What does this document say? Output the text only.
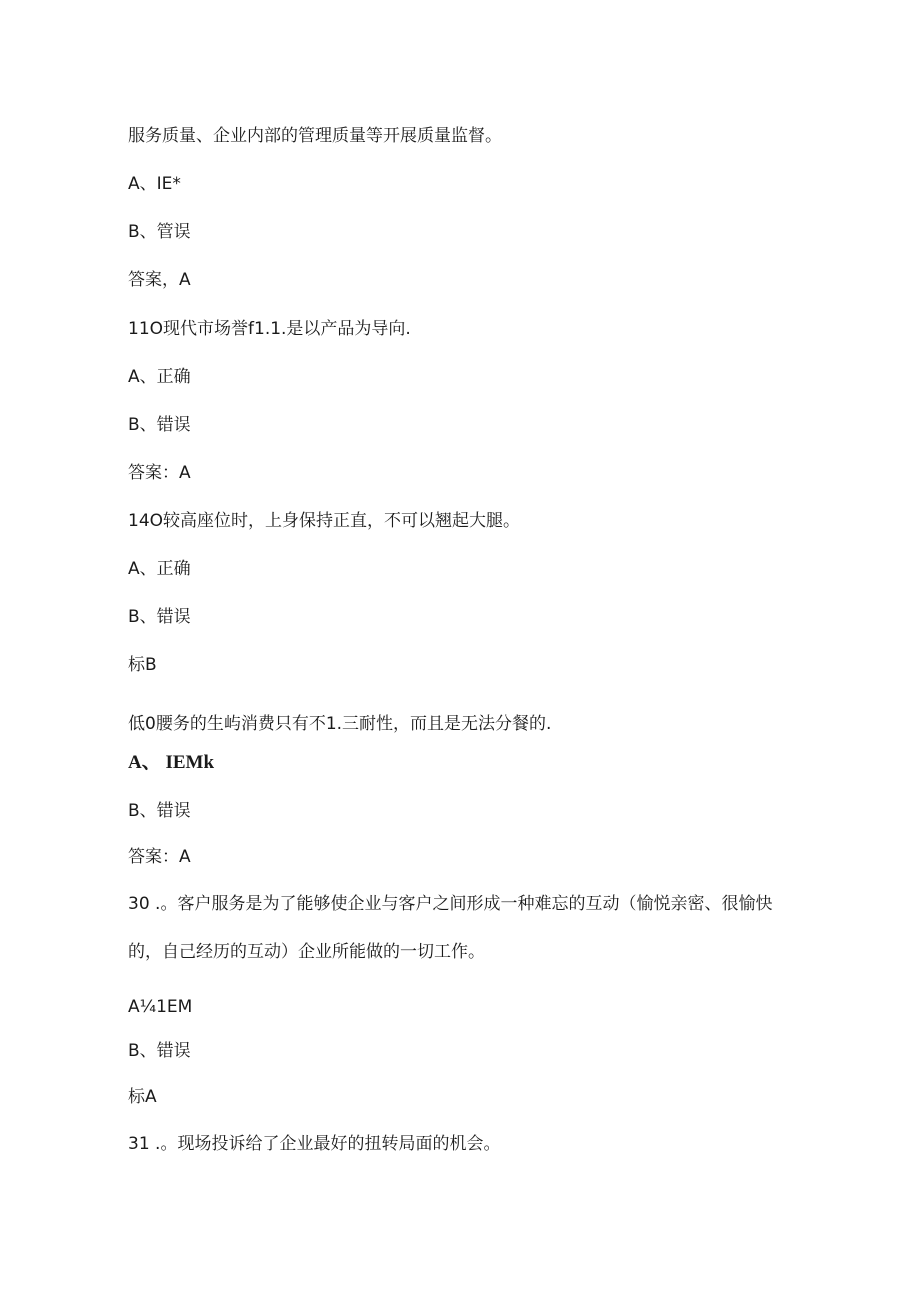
服务质量、企业内部的管理质量等开展质量监督。
A、IE*
B、管误
答案，A
11O现代市场誉f1.1.是以产品为导向.
A、正确
B、错误
答案：A
14O较高座位时，上身保持正直，不可以翘起大腿。
A、正确
B、错误
标B
低0腰务的生屿消费只有不1.三耐性，而且是无法分餐的.
A、 IEMk
B、错误
答案：A
30 .。客户服务是为了能够使企业与客户之间形成一种难忘的互动（愉悦亲密、很愉快
的，自己经历的互动）企业所能做的一切工作。
A¼1EM
B、错误
标A
31 .。现场投诉给了企业最好的扭转局面的机会。
